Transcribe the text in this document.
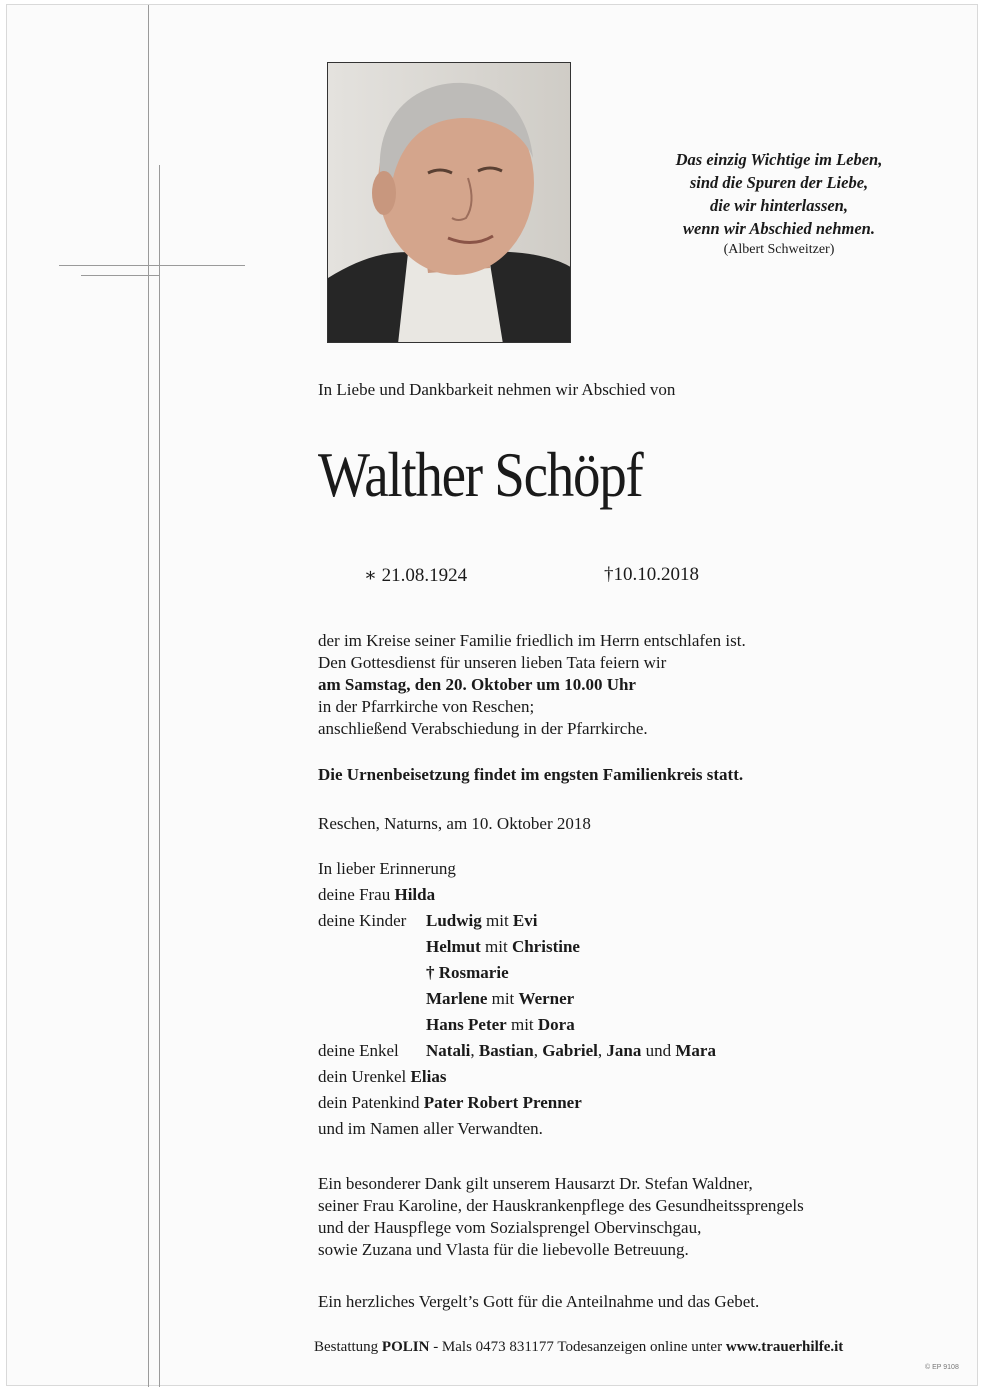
Das einzig Wichtige im Leben,
sind die Spuren der Liebe,
die wir hinterlassen,
wenn wir Abschied nehmen.
(Albert Schweitzer)
In Liebe und Dankbarkeit nehmen wir Abschied von
Walther Schöpf
∗ 21.08.1924	†10.10.2018
der im Kreise seiner Familie friedlich im Herrn entschlafen ist.
Den Gottesdienst für unseren lieben Tata feiern wir
am Samstag, den 20. Oktober um 10.00 Uhr
in der Pfarrkirche von Reschen;
anschließend Verabschiedung in der Pfarrkirche.
Die Urnenbeisetzung findet im engsten Familienkreis statt.
Reschen, Naturns, am 10. Oktober 2018
In lieber Erinnerung
deine Frau Hilda
deine Kinder Ludwig mit Evi
Helmut mit Christine
† Rosmarie
Marlene mit Werner
Hans Peter mit Dora
deine Enkel Natali, Bastian, Gabriel, Jana und Mara
dein Urenkel Elias
dein Patenkind Pater Robert Prenner
und im Namen aller Verwandten.
Ein besonderer Dank gilt unserem Hausarzt Dr. Stefan Waldner,
seiner Frau Karoline, der Hauskrankenpflege des Gesundheitssprengels
und der Hauspflege vom Sozialsprengel Obervinschgau,
sowie Zuzana und Vlasta für die liebevolle Betreuung.
Ein herzliches Vergelt’s Gott für die Anteilnahme und das Gebet.
Bestattung POLIN - Mals 0473 831177 Todesanzeigen online unter www.trauerhilfe.it
© EP 9108
